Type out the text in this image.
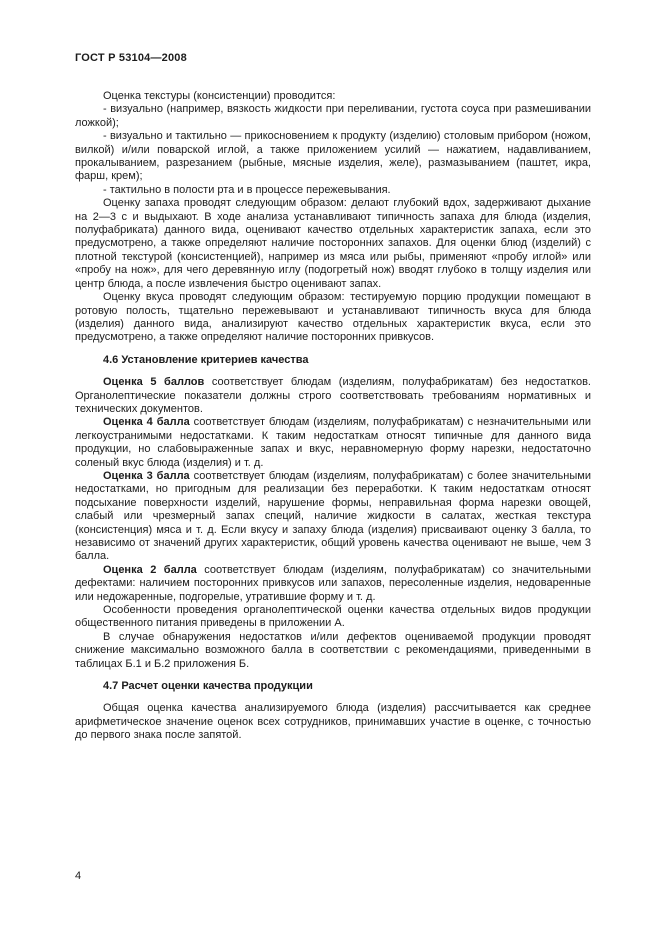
ГОСТ Р 53104—2008

Оценка текстуры (консистенции) проводится:

- визуально (например, вязкость жидкости при переливании, густота соуса при размешивании ложкой);

- визуально и тактильно — прикосновением к продукту (изделию) столовым прибором (ножом, вилкой) и/или поварской иглой, а также приложением усилий — нажатием, надавливанием, прокалыванием, разрезанием (рыбные, мясные изделия, желе), размазыванием (паштет, икра, фарш, крем);

- тактильно в полости рта и в процессе пережевывания.

Оценку запаха проводят следующим образом: делают глубокий вдох, задерживают дыхание на 2—3 с и выдыхают. В ходе анализа устанавливают типичность запаха для блюда (изделия, полуфабриката) данного вида, оценивают качество отдельных характеристик запаха, если это предусмотрено, а также определяют наличие посторонних запахов. Для оценки блюд (изделий) с плотной текстурой (консистенцией), например из мяса или рыбы, применяют «пробу иглой» или «пробу на нож», для чего деревянную иглу (подогретый нож) вводят глубоко в толщу изделия или центр блюда, а после извлечения быстро оценивают запах.

Оценку вкуса проводят следующим образом: тестируемую порцию продукции помещают в ротовую полость, тщательно пережевывают и устанавливают типичность вкуса для блюда (изделия) данного вида, анализируют качество отдельных характеристик вкуса, если это предусмотрено, а также определяют наличие посторонних привкусов.

4.6 Установление критериев качества

Оценка 5 баллов соответствует блюдам (изделиям, полуфабрикатам) без недостатков. Органолептические показатели должны строго соответствовать требованиям нормативных и технических документов.

Оценка 4 балла соответствует блюдам (изделиям, полуфабрикатам) с незначительными или легкоустранимыми недостатками. К таким недостаткам относят типичные для данного вида продукции, но слабовыраженные запах и вкус, неравномерную форму нарезки, недостаточно соленый вкус блюда (изделия) и т. д.

Оценка 3 балла соответствует блюдам (изделиям, полуфабрикатам) с более значительными недостатками, но пригодным для реализации без переработки. К таким недостаткам относят подсыхание поверхности изделий, нарушение формы, неправильная форма нарезки овощей, слабый или чрезмерный запах специй, наличие жидкости в салатах, жесткая текстура (консистенция) мяса и т. д. Если вкусу и запаху блюда (изделия) присваивают оценку 3 балла, то независимо от значений других характеристик, общий уровень качества оценивают не выше, чем 3 балла.

Оценка 2 балла соответствует блюдам (изделиям, полуфабрикатам) со значительными дефектами: наличием посторонних привкусов или запахов, пересоленные изделия, недоваренные или недожаренные, подгорелые, утратившие форму и т. д.

Особенности проведения органолептической оценки качества отдельных видов продукции общественного питания приведены в приложении А.

В случае обнаружения недостатков и/или дефектов оцениваемой продукции проводят снижение максимально возможного балла в соответствии с рекомендациями, приведенными в таблицах Б.1 и Б.2 приложения Б.

4.7 Расчет оценки качества продукции

Общая оценка качества анализируемого блюда (изделия) рассчитывается как среднее арифметическое значение оценок всех сотрудников, принимавших участие в оценке, с точностью до первого знака после запятой.

4
